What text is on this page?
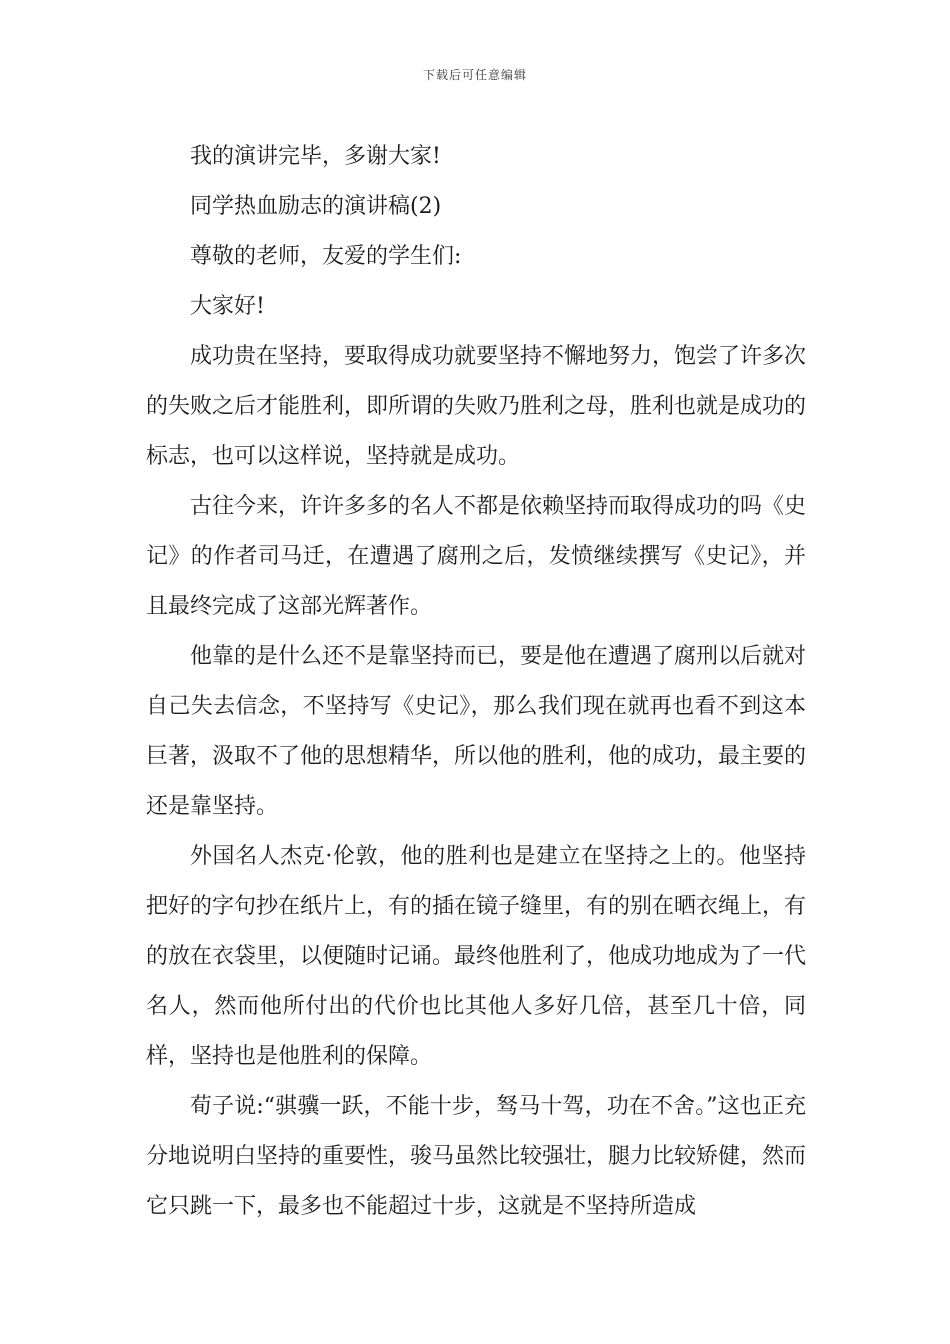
下载后可任意编辑

我的演讲完毕，多谢大家!

同学热血励志的演讲稿(2)

尊敬的老师，友爱的学生们:

大家好!

成功贵在坚持，要取得成功就要坚持不懈地努力，饱尝了许多次的失败之后才能胜利，即所谓的失败乃胜利之母，胜利也就是成功的标志，也可以这样说，坚持就是成功。

古往今来，许许多多的名人不都是依赖坚持而取得成功的吗《史记》的作者司马迁，在遭遇了腐刑之后，发愤继续撰写《史记》，并且最终完成了这部光辉著作。

他靠的是什么还不是靠坚持而已，要是他在遭遇了腐刑以后就对自己失去信念，不坚持写《史记》，那么我们现在就再也看不到这本巨著，汲取不了他的思想精华，所以他的胜利，他的成功，最主要的还是靠坚持。

外国名人杰克·伦敦，他的胜利也是建立在坚持之上的。他坚持把好的字句抄在纸片上，有的插在镜子缝里，有的别在晒衣绳上，有的放在衣袋里，以便随时记诵。最终他胜利了，他成功地成为了一代名人，然而他所付出的代价也比其他人多好几倍，甚至几十倍，同样，坚持也是他胜利的保障。

荀子说:“骐骥一跃，不能十步，驽马十驾，功在不舍。”这也正充分地说明白坚持的重要性，骏马虽然比较强壮，腿力比较矫健，然而它只跳一下，最多也不能超过十步，这就是不坚持所造成
